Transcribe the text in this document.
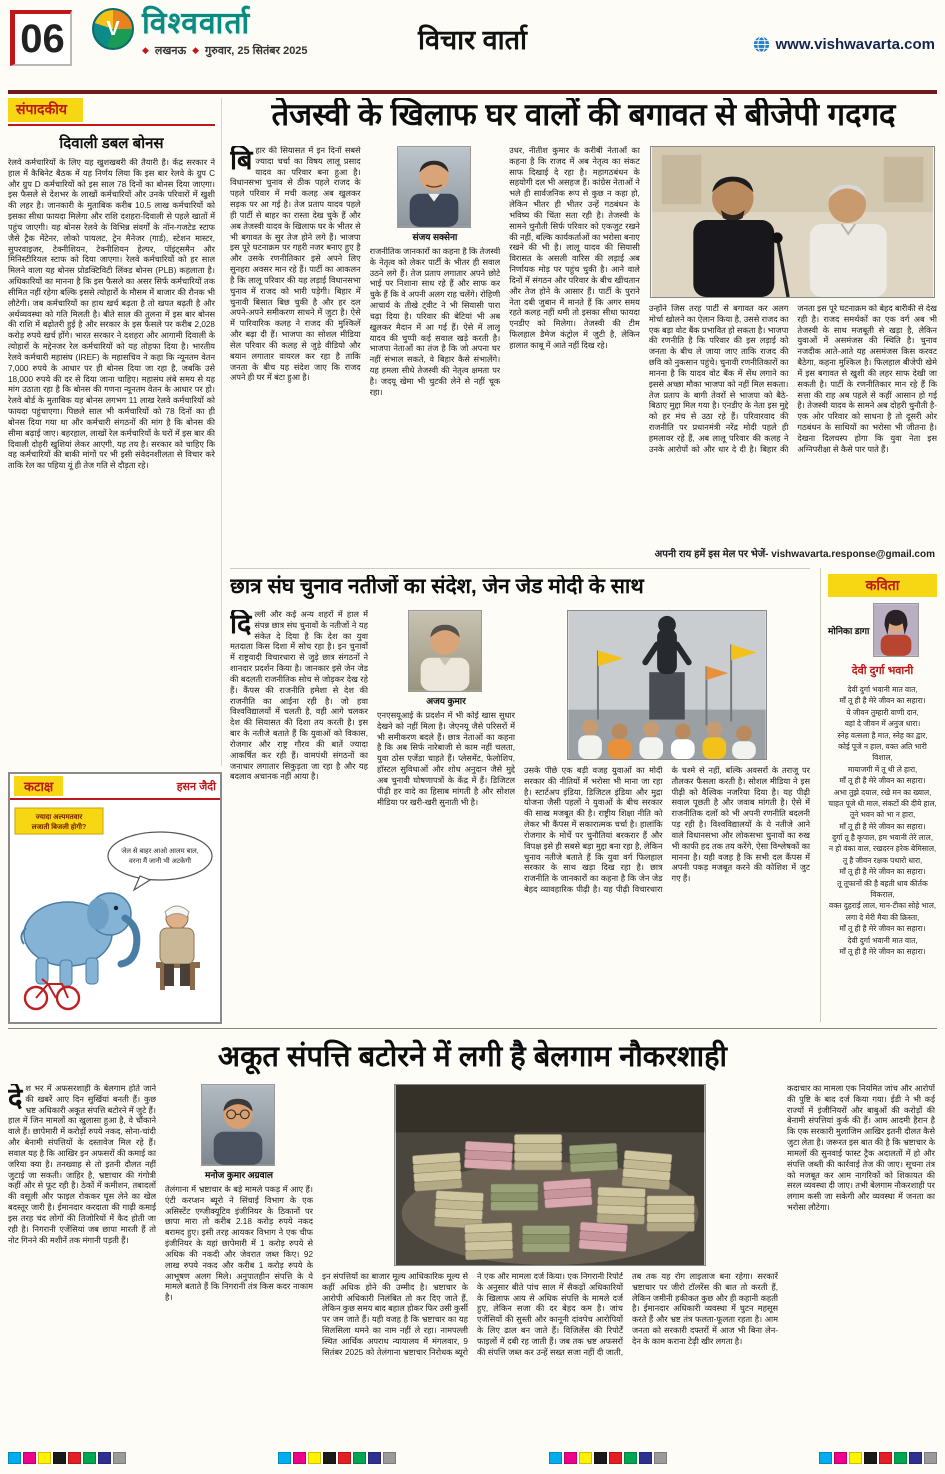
06	V विश्ववार्ता
◆ लखनऊ ◆ गुरुवार, 25 सितंबर 2025	विचार वार्ता	www.vishwavarta.com
संपादकीय
दिवाली डबल बोनस
रेलवे कर्मचारियों के लिए यह खुशखबरी की तैयारी है। केंद्र सरकार ने हाल में कैबिनेट बैठक में यह निर्णय लिया कि इस बार रेलवे के ग्रुप C और ग्रुप D कर्मचारियों को इस साल 78 दिनों का बोनस दिया जाएगा। इस फैसले से देशभर के लाखों कर्मचारियों और उनके परिवारों में खुशी की लहर है। जानकारी के मुताबिक करीब 10.5 लाख कर्मचारियों को इसका सीधा फायदा मिलेगा और राशि दशहरा-दिवाली से पहले खातों में पहुंच जाएगी। यह बोनस रेलवे के विभिन्न संवर्गों के नॉन-गजटेड स्टाफ जैसे ट्रैक मेंटेनर, लोको पायलट, ट्रेन मैनेजर (गार्ड), स्टेशन मास्टर, सुपरवाइजर, टेक्नीशियन, टेक्नीशियन हेल्पर, पॉइंट्समैन और मिनिस्टीरियल स्टाफ को दिया जाएगा। रेलवे कर्मचारियों को हर साल मिलने वाला यह बोनस प्रोडक्टिविटी लिंक्ड बोनस (PLB) कहलाता है। अधिकारियों का मानना है कि इस फैसले का असर सिर्फ कर्मचारियों तक सीमित नहीं रहेगा बल्कि इससे त्योहारों के मौसम में बाजार की रौनक भी लौटेगी। जब कर्मचारियों का हाथ खर्च बढ़ता है तो खपत बढ़ती है और अर्थव्यवस्था को गति मिलती है। बीते साल की तुलना में इस बार बोनस की राशि में बढ़ोतरी हुई है और सरकार के इस फैसले पर करीब 2,028 करोड़ रुपये खर्च होंगे। भारत सरकार ने दशहरा और आगामी दिवाली के त्योहारों के मद्देनजर रेल कर्मचारियों को यह तोहफा दिया है। भारतीय रेलवे कर्मचारी महासंघ (IREF) के महासचिव ने कहा कि न्यूनतम वेतन 7,000 रुपये के आधार पर ही बोनस दिया जा रहा है, जबकि उसे 18,000 रुपये की दर से दिया जाना चाहिए। महासंघ लंबे समय से यह मांग उठाता रहा है कि बोनस की गणना न्यूनतम वेतन के आधार पर हो। रेलवे बोर्ड के मुताबिक यह बोनस लगभग 11 लाख रेलवे कर्मचारियों को फायदा पहुंचाएगा। पिछले साल भी कर्मचारियों को 78 दिनों का ही बोनस दिया गया था और कर्मचारी संगठनों की मांग है कि बोनस की सीमा बढ़ाई जाए। बहरहाल, लाखों रेल कर्मचारियों के घरों में इस बार की दिवाली दोहरी खुशियां लेकर आएगी, यह तय है। सरकार को चाहिए कि वह कर्मचारियों की बाकी मांगों पर भी इसी संवेदनशीलता से विचार करे ताकि रेल का पहिया यूं ही तेज गति से दौड़ता रहे।
कटाक्ष	हसन जैदी
ज्यादा अल्पमतवार
लजाती बिजली होगी?
जेल से बाहर आओ आलम बाल,
वरना मैं जानी भी अटकेगी
तेजस्वी के खिलाफ घर वालों की बगावत से बीजेपी गदगद
बिहार की सियासत में इन दिनों सबसे ज्यादा चर्चा का विषय लालू प्रसाद यादव का परिवार बना हुआ है। विधानसभा चुनाव से ठीक पहले राजद के पहले परिवार में मची कलह अब खुलकर सड़क पर आ गई है। तेज प्रताप यादव पहले ही पार्टी से बाहर का रास्ता देख चुके हैं और अब तेजस्वी यादव के खिलाफ घर के भीतर से भी बगावत के सुर तेज होने लगे हैं। भाजपा इस पूरे घटनाक्रम पर गहरी नजर बनाए हुए है और उसके रणनीतिकार इसे अपने लिए सुनहरा अवसर मान रहे हैं। पार्टी का आकलन है कि लालू परिवार की यह लड़ाई विधानसभा चुनाव में राजद को भारी पड़ेगी। बिहार में चुनावी बिसात बिछ चुकी है और हर दल अपने-अपने समीकरण साधने में जुटा है। ऐसे में पारिवारिक कलह ने राजद की मुश्किलें और बढ़ा दी हैं। भाजपा का सोशल मीडिया सेल परिवार की कलह से जुड़े वीडियो और बयान लगातार वायरल कर रहा है ताकि जनता के बीच यह संदेश जाए कि राजद अपने ही घर में बंटा हुआ है।
संजय सक्सेना
राजनीतिक जानकारों का कहना है कि तेजस्वी के नेतृत्व को लेकर पार्टी के भीतर ही सवाल उठने लगे हैं। तेज प्रताप लगातार अपने छोटे भाई पर निशाना साध रहे हैं और साफ कर चुके हैं कि वे अपनी अलग राह चलेंगे। रोहिणी आचार्य के तीखे ट्वीट ने भी सियासी पारा चढ़ा दिया है। परिवार की बेटियां भी अब खुलकर मैदान में आ गई हैं। ऐसे में लालू यादव की चुप्पी कई सवाल खड़े करती है। भाजपा नेताओं का तंज है कि जो अपना घर नहीं संभाल सकते, वे बिहार कैसे संभालेंगे। यह हमला सीधे तेजस्वी की नेतृत्व क्षमता पर है। जदयू खेमा भी चुटकी लेने से नहीं चूक रहा।
उधर, नीतीश कुमार के करीबी नेताओं का कहना है कि राजद में अब नेतृत्व का संकट साफ दिखाई दे रहा है। महागठबंधन के सहयोगी दल भी असहज हैं। कांग्रेस नेताओं ने भले ही सार्वजनिक रूप से कुछ न कहा हो, लेकिन भीतर ही भीतर उन्हें गठबंधन के भविष्य की चिंता सता रही है। तेजस्वी के सामने चुनौती सिर्फ परिवार को एकजुट रखने की नहीं, बल्कि कार्यकर्ताओं का भरोसा बनाए रखने की भी है। लालू यादव की सियासी विरासत के असली वारिस की लड़ाई अब निर्णायक मोड़ पर पहुंच चुकी है। आने वाले दिनों में संगठन और परिवार के बीच खींचतान और तेज होने के आसार हैं। पार्टी के पुराने नेता दबी जुबान में मानते हैं कि अगर समय रहते कलह नहीं थमी तो इसका सीधा फायदा एनडीए को मिलेगा। तेजस्वी की टीम फिलहाल डैमेज कंट्रोल में जुटी है, लेकिन हालात काबू में आते नहीं दिख रहे।
उन्होंने जिस तरह पार्टी से बगावत कर अलग मोर्चा खोलने का ऐलान किया है, उससे राजद का एक बड़ा वोट बैंक प्रभावित हो सकता है। भाजपा की रणनीति है कि परिवार की इस लड़ाई को जनता के बीच ले जाया जाए ताकि राजद की छवि को नुकसान पहुंचे। चुनावी रणनीतिकारों का मानना है कि यादव वोट बैंक में सेंध लगाने का इससे अच्छा मौका भाजपा को नहीं मिल सकता। तेज प्रताप के बागी तेवरों से भाजपा को बैठे-बिठाए मुद्दा मिल गया है। एनडीए के नेता इस मुद्दे को हर मंच से उठा रहे हैं। परिवारवाद की राजनीति पर प्रधानमंत्री नरेंद्र मोदी पहले ही हमलावर रहे हैं, अब लालू परिवार की कलह ने उनके आरोपों को और धार दे दी है। बिहार की जनता इस पूरे घटनाक्रम को बेहद बारीकी से देख रही है। राजद समर्थकों का एक वर्ग अब भी तेजस्वी के साथ मजबूती से खड़ा है, लेकिन युवाओं में असमंजस की स्थिति है। चुनाव नजदीक आते-आते यह असमंजस किस करवट बैठेगा, कहना मुश्किल है। फिलहाल बीजेपी खेमे में इस बगावत से खुशी की लहर साफ देखी जा सकती है। पार्टी के रणनीतिकार मान रहे हैं कि सत्ता की राह अब पहले से कहीं आसान हो गई है। तेजस्वी यादव के सामने अब दोहरी चुनौती है- एक ओर परिवार को साधना है तो दूसरी ओर गठबंधन के साथियों का भरोसा भी जीतना है। देखना दिलचस्प होगा कि युवा नेता इस अग्निपरीक्षा से कैसे पार पाते हैं।
अपनी राय हमें इस मेल पर भेजें- vishwavarta.response@gmail.com
छात्र संघ चुनाव नतीजों का संदेश, जेन जेड मोदी के साथ
दिल्ली और कई अन्य शहरों में हाल में संपन्न छात्र संघ चुनावों के नतीजों ने यह संकेत दे दिया है कि देश का युवा मतदाता किस दिशा में सोच रहा है। इन चुनावों में राष्ट्रवादी विचारधारा से जुड़े छात्र संगठनों ने शानदार प्रदर्शन किया है। जानकार इसे जेन जेड की बदलती राजनीतिक सोच से जोड़कर देख रहे हैं। कैंपस की राजनीति हमेशा से देश की राजनीति का आईना रही है। जो हवा विश्वविद्यालयों में चलती है, वही आगे चलकर देश की सियासत की दिशा तय करती है। इस बार के नतीजे बताते हैं कि युवाओं को विकास, रोजगार और राष्ट्र गौरव की बातें ज्यादा आकर्षित कर रही हैं। वामपंथी संगठनों का जनाधार लगातार सिकुड़ता जा रहा है और यह बदलाव अचानक नहीं आया है।
अजय कुमार
एनएसयूआई के प्रदर्शन में भी कोई खास सुधार देखने को नहीं मिला है। जेएनयू जैसे परिसरों में भी समीकरण बदले हैं। छात्र नेताओं का कहना है कि अब सिर्फ नारेबाजी से काम नहीं चलता, युवा ठोस एजेंडा चाहते हैं। प्लेसमेंट, फेलोशिप, हॉस्टल सुविधाओं और शोध अनुदान जैसे मुद्दे अब चुनावी घोषणापत्रों के केंद्र में हैं। डिजिटल पीढ़ी हर वादे का हिसाब मांगती है और सोशल मीडिया पर खरी-खरी सुनाती भी है।
उसके पीछे एक बड़ी वजह युवाओं का मोदी सरकार की नीतियों में भरोसा भी माना जा रहा है। स्टार्टअप इंडिया, डिजिटल इंडिया और मुद्रा योजना जैसी पहलों ने युवाओं के बीच सरकार की साख मजबूत की है। राष्ट्रीय शिक्षा नीति को लेकर भी कैंपस में सकारात्मक चर्चा है। हालांकि रोजगार के मोर्चे पर चुनौतियां बरकरार हैं और विपक्ष इसे ही सबसे बड़ा मुद्दा बना रहा है, लेकिन चुनाव नतीजे बताते हैं कि युवा वर्ग फिलहाल सरकार के साथ खड़ा दिख रहा है। छात्र राजनीति के जानकारों का कहना है कि जेन जेड बेहद व्यावहारिक पीढ़ी है। यह पीढ़ी विचारधारा के चश्मे से नहीं, बल्कि अवसरों के तराजू पर तौलकर फैसला करती है। सोशल मीडिया ने इस पीढ़ी को वैश्विक नजरिया दिया है। यह पीढ़ी सवाल पूछती है और जवाब मांगती है। ऐसे में राजनीतिक दलों को भी अपनी रणनीति बदलनी पड़ रही है। विश्वविद्यालयों के ये नतीजे आने वाले विधानसभा और लोकसभा चुनावों का रुख भी काफी हद तक तय करेंगे, ऐसा विश्लेषकों का मानना है। यही वजह है कि सभी दल कैंपस में अपनी पकड़ मजबूत करने की कोशिश में जुट गए हैं।
कविता
मोनिका डागा
देवी दुर्गा भवानी
देवी दुर्गा भवानी मात वात,
माँ तू ही है मेरे जीवन का सहारा।
ये जीवन तुम्हारी वाणी दान,
वहां दे जीवन में अनुज धारा।
स्नेह वत्सला है मात, स्नेह का द्वार,
कोई पूजे न हाल, वक्त अति भारी विशाल,
मायाजगी में तू थी ले हारा,
माँ तू ही है मेरे जीवन का सहारा।
अभा तुझे दयाल, रखे मन का ख्याल,
चाहत पूजे धी माल, संकटों की दीये हाल,
तूने भवन को भा न हारा,
माँ तू ही है मेरे जीवन का सहारा।
दुर्गा तू है कृपाल, हम भवानी तेरे लाल,
न हो वंका वाल, रखदरन हरेक बेमिसाल,
तू है जीवन रक्षक पथारो धारा,
माँ तू ही है मेरे जीवन का सहारा।
तू तूफानों की है बहती धाव कीर्तक विकराल,
वक्त दुहराई लाल, मान-टीका सोहे भाल,
लगा दे मेरी मैया की क्रिस्ता,
माँ तू ही है मेरे जीवन का सहारा।
देवी दुर्गा भवानी मात वात,
माँ तू ही है मेरे जीवन का सहारा।
अकूत संपत्ति बटोरने में लगी है बेलगाम नौकरशाही
देश भर में अफसरशाही के बेलगाम होते जाने की खबरें आए दिन सुर्खियां बनती हैं। कुछ भ्रष्ट अधिकारी अकूत संपत्ति बटोरने में जुटे हैं। हाल में जिन मामलों का खुलासा हुआ है, वे चौंकाने वाले हैं। छापेमारी में करोड़ों रुपये नकद, सोना-चांदी और बेनामी संपत्तियों के दस्तावेज मिल रहे हैं। सवाल यह है कि आखिर इन अफसरों की कमाई का जरिया क्या है। तनख्वाह से तो इतनी दौलत नहीं जुटाई जा सकती। जाहिर है, भ्रष्टाचार की गंगोत्री कहीं और से फूट रही है। ठेकों में कमीशन, तबादलों की वसूली और फाइल रोककर घूस लेने का खेल बदस्तूर जारी है। ईमानदार करदाता की गाढ़ी कमाई इस तरह चंद लोगों की तिजोरियों में कैद होती जा रही है। निगरानी एजेंसियां जब छापा मारती हैं तो नोट गिनने की मशीनें तक मंगानी पड़ती हैं।
मनोज कुमार अग्रवाल
तेलंगाना में भ्रष्टाचार के बड़े मामले पकड़ में आए हैं। एंटी करप्शन ब्यूरो ने सिंचाई विभाग के एक असिस्टेंट एग्जीक्यूटिव इंजीनियर के ठिकानों पर छापा मारा तो करीब 2.18 करोड़ रुपये नकद बरामद हुए। इसी तरह आयकर विभाग ने एक चीफ इंजीनियर के यहां छापेमारी में 1 करोड़ रुपये से अधिक की नकदी और जेवरात जब्त किए। 92 लाख रुपये नकद और करीब 1 करोड़ रुपये के आभूषण अलग मिले। अनुपातहीन संपत्ति के ये मामले बताते हैं कि निगरानी तंत्र किस कदर नाकाम है।
इन संपत्तियों का बाजार मूल्य आधिकारिक मूल्य से कहीं अधिक होने की उम्मीद है। भ्रष्टाचार के आरोपी अधिकारी निलंबित तो कर दिए जाते हैं, लेकिन कुछ समय बाद बहाल होकर फिर उसी कुर्सी पर जम जाते हैं। यही वजह है कि भ्रष्टाचार का यह सिलसिला थमने का नाम नहीं ले रहा। नामपल्ली स्थित आर्थिक अपराध न्यायालय में मंगलवार, 9 सितंबर 2025 को तेलंगाना भ्रष्टाचार निरोधक ब्यूरो ने एक और मामला दर्ज किया। एक निगरानी रिपोर्ट के अनुसार बीते पांच साल में सैकड़ों अधिकारियों के खिलाफ आय से अधिक संपत्ति के मामले दर्ज हुए, लेकिन सजा की दर बेहद कम है। जांच एजेंसियों की सुस्ती और कानूनी दांवपेच आरोपियों के लिए ढाल बन जाते हैं। विजिलेंस की रिपोर्टें फाइलों में दबी रह जाती हैं। जब तक भ्रष्ट अफसरों की संपत्ति जब्त कर उन्हें सख्त सजा नहीं दी जाती, तब तक यह रोग लाइलाज बना रहेगा। सरकारें भ्रष्टाचार पर जीरो टॉलरेंस की बात तो करती हैं, लेकिन जमीनी हकीकत कुछ और ही कहानी कहती है। ईमानदार अधिकारी व्यवस्था में घुटन महसूस करते हैं और भ्रष्ट तंत्र फलता-फूलता रहता है। आम जनता को सरकारी दफ्तरों में आज भी बिना लेन-देन के काम कराना टेढ़ी खीर लगता है।
कदाचार का मामला एक नियमित जांच और आरोपों की पुष्टि के बाद दर्ज किया गया। ईडी ने भी कई राज्यों में इंजीनियरों और बाबुओं की करोड़ों की बेनामी संपत्तियां कुर्क की हैं। आम आदमी हैरान है कि एक सरकारी मुलाजिम आखिर इतनी दौलत कैसे जुटा लेता है। जरूरत इस बात की है कि भ्रष्टाचार के मामलों की सुनवाई फास्ट ट्रैक अदालतों में हो और संपत्ति जब्ती की कार्रवाई तेज की जाए। सूचना तंत्र को मजबूत कर आम नागरिकों को शिकायत की सरल व्यवस्था दी जाए। तभी बेलगाम नौकरशाही पर लगाम कसी जा सकेगी और व्यवस्था में जनता का भरोसा लौटेगा।
